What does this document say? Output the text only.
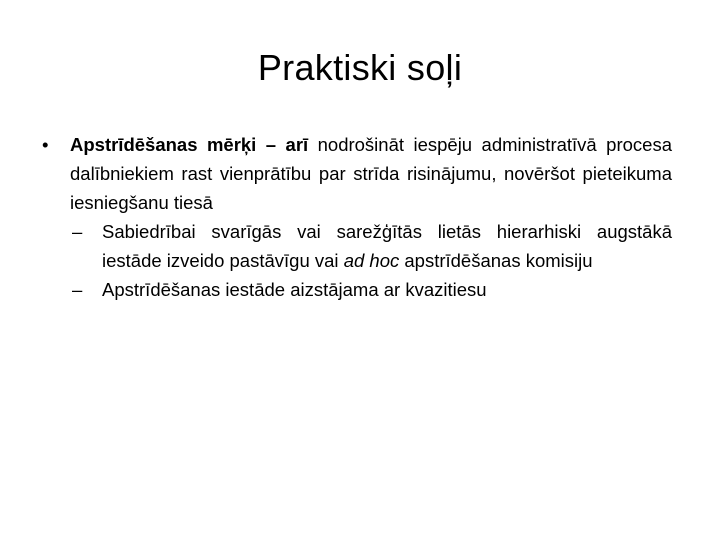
Praktiski soļi
• Apstrīdēšanas mērķi – arī nodrošināt iespēju administratīvā procesa dalībniekiem rast vienprātību par strīda risinājumu, novēršot pieteikuma iesniegšanu tiesā
– Sabiedrībai svarīgās vai sarežģītās lietās hierarhiski augstākā iestāde izveido pastāvīgu vai ad hoc apstrīdēšanas komisiju
– Apstrīdēšanas iestāde aizstājama ar kvazitiesu
